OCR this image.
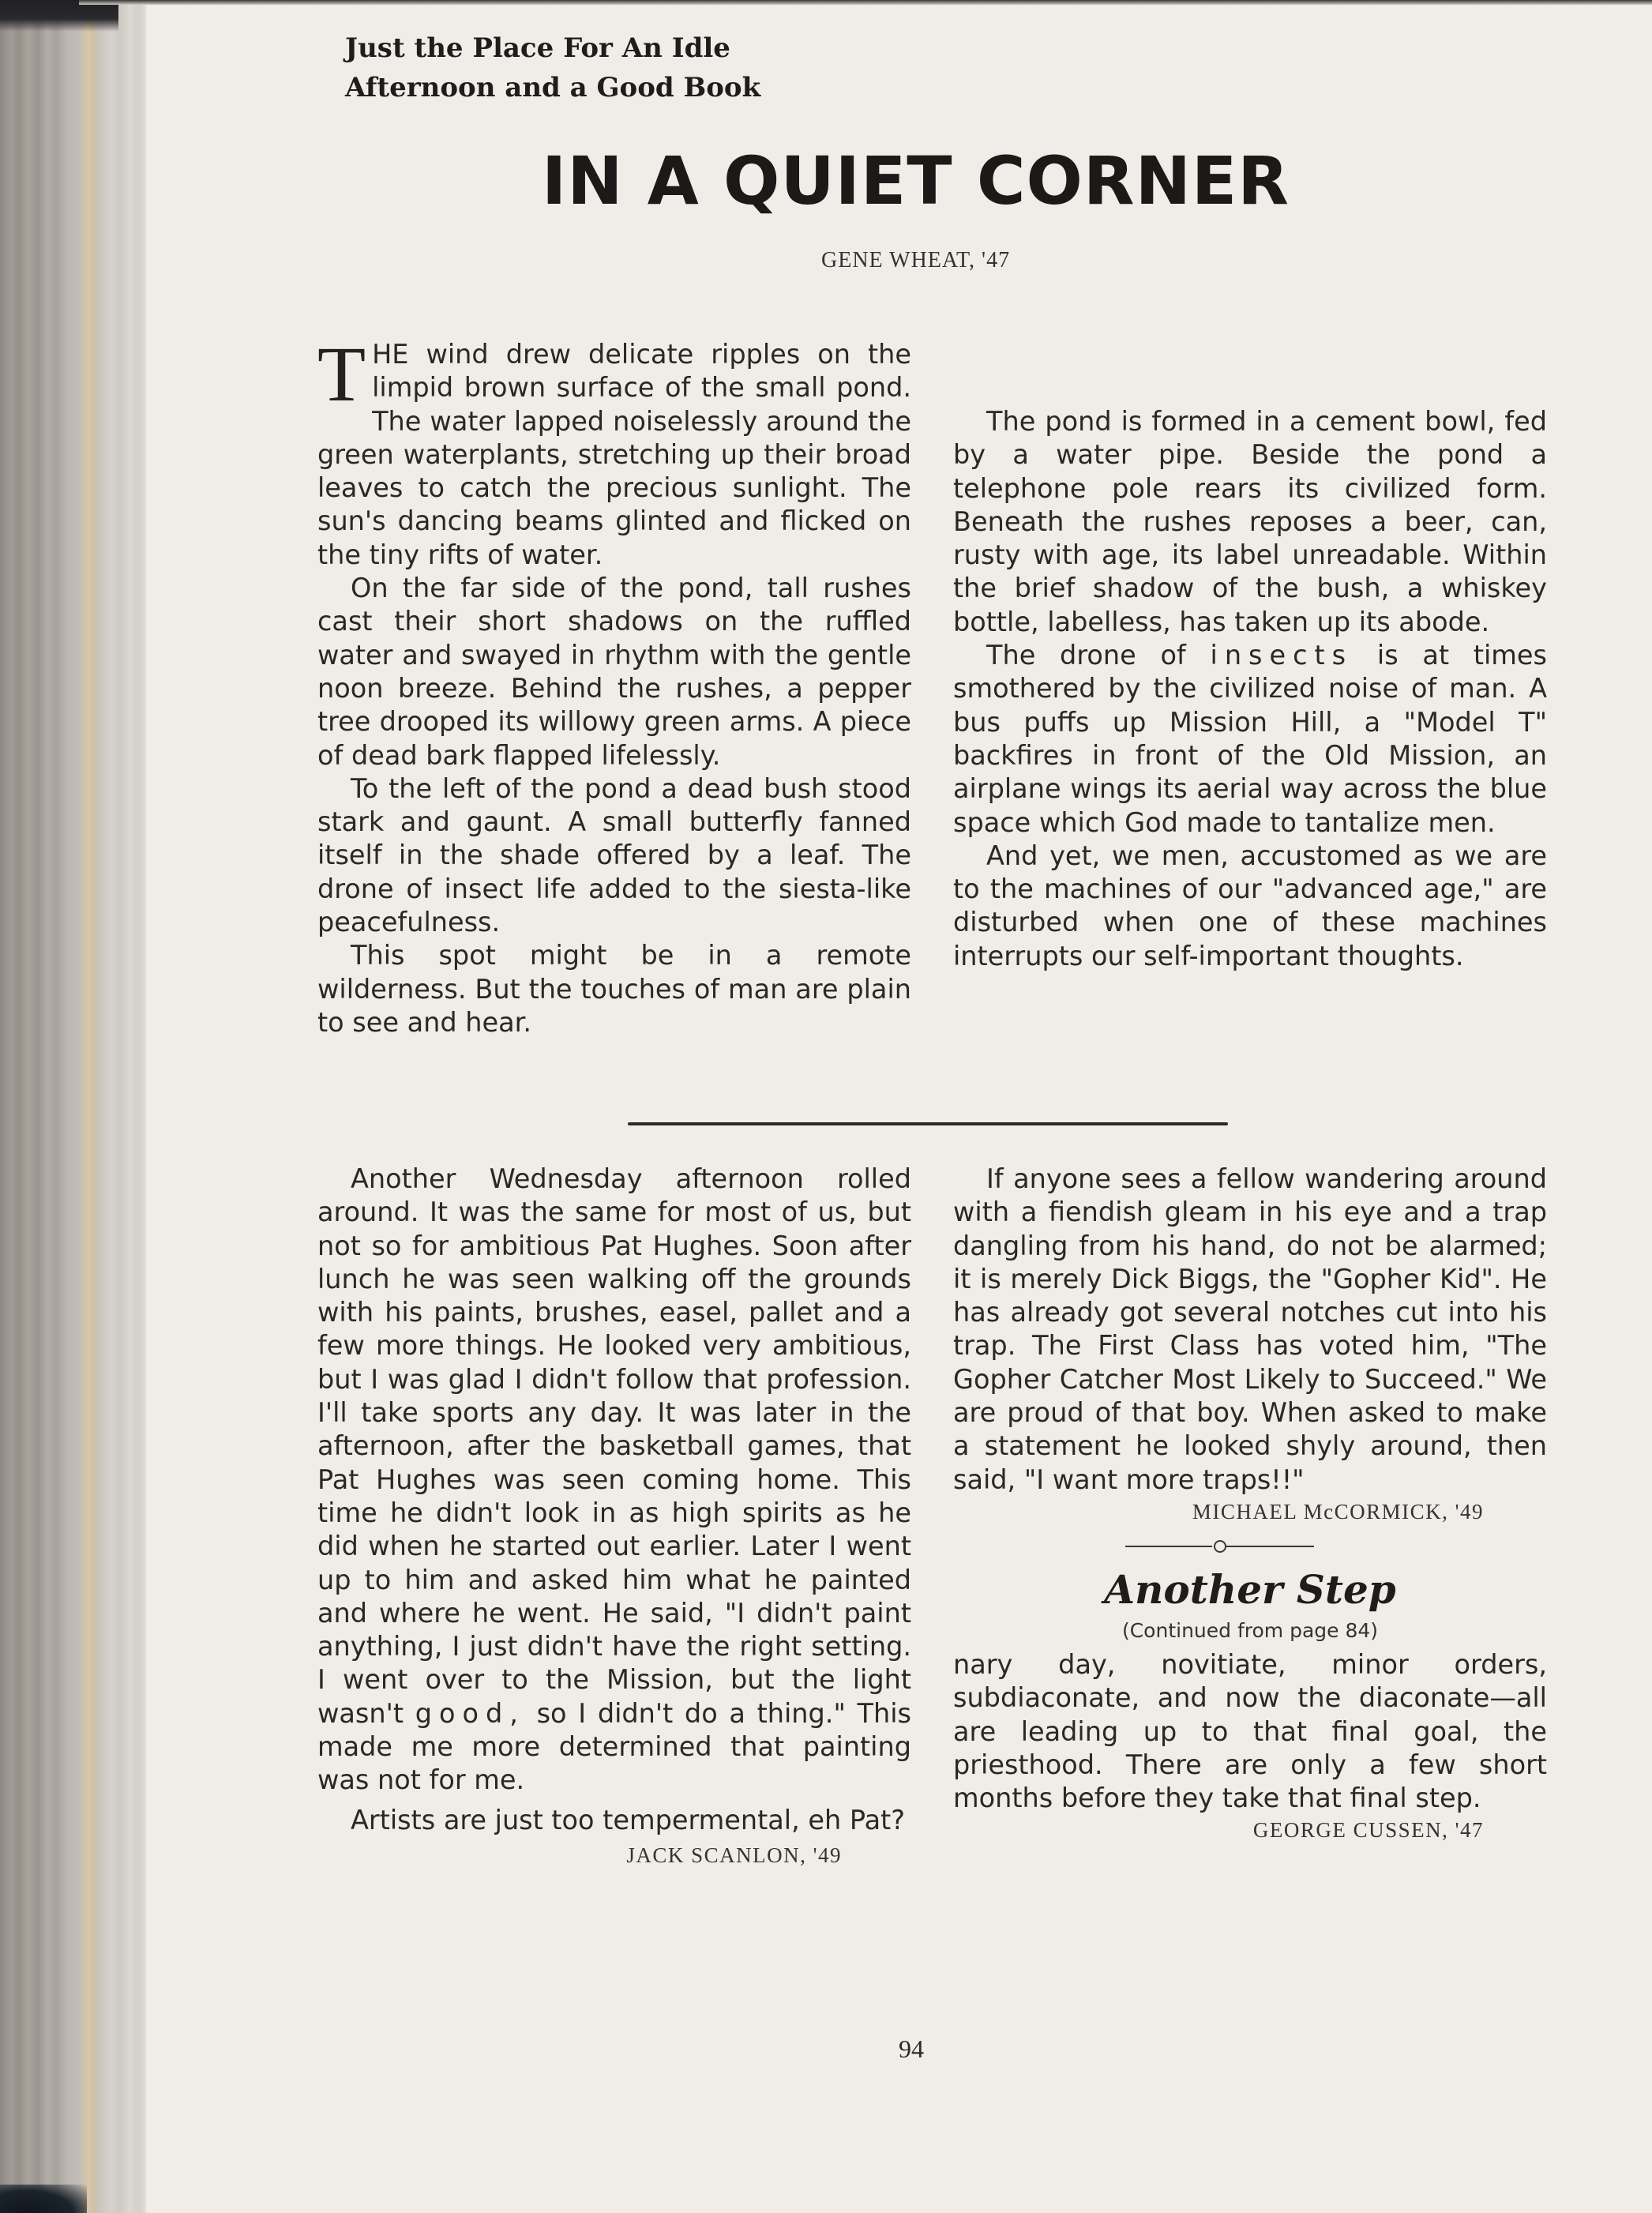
Just the Place For An Idle
Afternoon and a Good Book
IN A QUIET CORNER
GENE WHEAT, '47

THE wind drew delicate ripples on the limpid brown surface of the small pond. The water lapped noiselessly around the green waterplants, stretching up their broad leaves to catch the precious sunlight. The sun's dancing beams glinted and flicked on the tiny rifts of water.

On the far side of the pond, tall rushes cast their short shadows on the ruffled water and swayed in rhythm with the gentle noon breeze. Behind the rushes, a pepper tree drooped its willowy green arms. A piece of dead bark flapped lifelessly.

To the left of the pond a dead bush stood stark and gaunt. A small butterfly fanned itself in the shade offered by a leaf. The drone of insect life added to the siesta-like peacefulness.

This spot might be in a remote wilderness. But the touches of man are plain to see and hear.

The pond is formed in a cement bowl, fed by a water pipe. Beside the pond a telephone pole rears its civilized form. Beneath the rushes reposes a beer, can, rusty with age, its label unreadable. Within the brief shadow of the bush, a whiskey bottle, labelless, has taken up its abode.

The drone of insects is at times smothered by the civilized noise of man. A bus puffs up Mission Hill, a "Model T" backfires in front of the Old Mission, an airplane wings its aerial way across the blue space which God made to tantalize men.

And yet, we men, accustomed as we are to the machines of our "advanced age," are disturbed when one of these machines interrupts our self-important thoughts.

Another Wednesday afternoon rolled around. It was the same for most of us, but not so for ambitious Pat Hughes. Soon after lunch he was seen walking off the grounds with his paints, brushes, easel, pallet and a few more things. He looked very ambitious, but I was glad I didn't follow that profession. I'll take sports any day. It was later in the afternoon, after the basketball games, that Pat Hughes was seen coming home. This time he didn't look in as high spirits as he did when he started out earlier. Later I went up to him and asked him what he painted and where he went. He said, "I didn't paint anything, I just didn't have the right setting. I went over to the Mission, but the light wasn't good, so I didn't do a thing." This made me more determined that painting was not for me.

Artists are just too tempermental, eh Pat?

JACK SCANLON, '49

If anyone sees a fellow wandering around with a fiendish gleam in his eye and a trap dangling from his hand, do not be alarmed; it is merely Dick Biggs, the "Gopher Kid". He has already got several notches cut into his trap. The First Class has voted him, "The Gopher Catcher Most Likely to Succeed." We are proud of that boy. When asked to make a statement he looked shyly around, then said, "I want more traps!!"

MICHAEL McCORMICK, '49

Another Step

(Continued from page 84)

nary day, novitiate, minor orders, subdiaconate, and now the diaconate—all are leading up to that final goal, the priesthood. There are only a few short months before they take that final step.

GEORGE CUSSEN, '47

94
